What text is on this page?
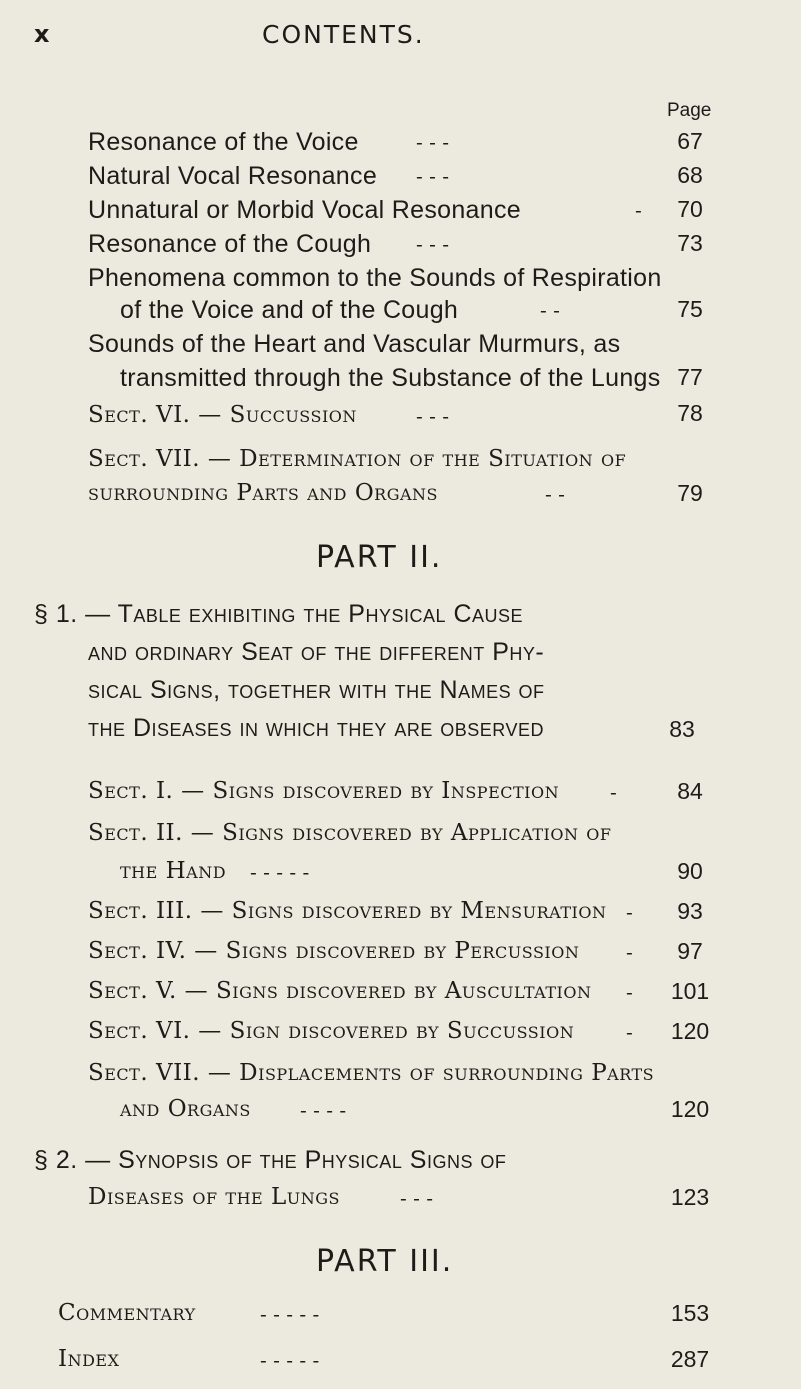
x	CONTENTS.
Page
Resonance of the Voice	- - -	67
Natural Vocal Resonance - - -	68
Unnatural or Morbid Vocal Resonance	-	70
Resonance of the Cough - - -	73
Phenomena common to the Sounds of Respiration
of the Voice and of the Cough	- -	75
Sounds of the Heart and Vascular Murmurs, as
transmitted through the Substance of the Lungs 77
Sect. VI. — Succussion	- - -	78
Sect. VII. — Determination of the Situation of
surrounding Parts and Organs	- -	79
PART II.
§ 1. — Table exhibiting the Physical Cause
and ordinary Seat of the different Phy-
sical Signs, together with the Names of
the Diseases in which they are observed	83
Sect. I. — Signs discovered by Inspection	-	84
Sect. II. — Signs discovered by Application of
the Hand - - - - -	90
Sect. III. — Signs discovered by Mensuration -	93
Sect. IV. — Signs discovered by Percussion -	97
Sect. V. — Signs discovered by Auscultation -	101
Sect. VI. — Sign discovered by Succussion	-	120
Sect. VII. — Displacements of surrounding Parts
and Organs - - - -	120
§ 2. — Synopsis of the Physical Signs of
Diseases of the Lungs	- - -	123
PART III.
Commentary	- - - - -	153
Index	- - - - -	287
